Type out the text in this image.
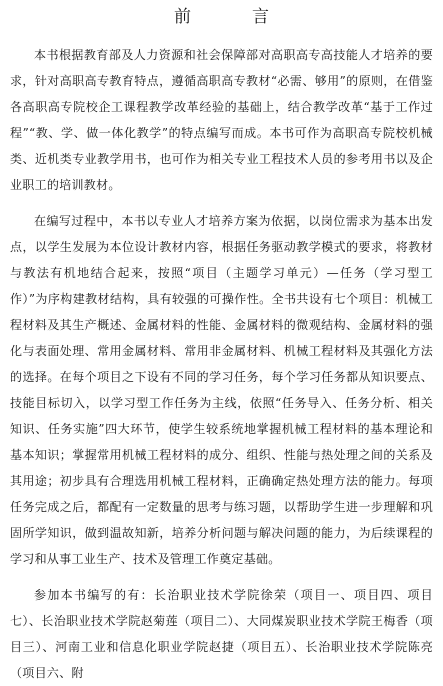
前　言

本书根据教育部及人力资源和社会保障部对高职高专高技能人才培养的要求，针对高职高专教育特点，遵循高职高专教材“必需、够用”的原则，在借鉴各高职高专院校企工课程教学改革经验的基础上，结合教学改革“基于工作过程”“教、学、做一体化教学”的特点编写而成。本书可作为高职高专院校机械类、近机类专业教学用书，也可作为相关专业工程技术人员的参考用书以及企业职工的培训教材。

在编写过程中，本书以专业人才培养方案为依据，以岗位需求为基本出发点，以学生发展为本位设计教材内容，根据任务驱动教学模式的要求，将教材与教法有机地结合起来，按照“项目（主题学习单元）—任务（学习型工作）”为序构建教材结构，具有较强的可操作性。全书共设有七个项目：机械工程材料及其生产概述、金属材料的性能、金属材料的微观结构、金属材料的强化与表面处理、常用金属材料、常用非金属材料、机械工程材料及其强化方法的选择。在每个项目之下设有不同的学习任务，每个学习任务都从知识要点、技能目标切入，以学习型工作任务为主线，依照“任务导入、任务分析、相关知识、任务实施”四大环节，使学生较系统地掌握机械工程材料的基本理论和基本知识；掌握常用机械工程材料的成分、组织、性能与热处理之间的关系及其用途；初步具有合理选用机械工程材料，正确确定热处理方法的能力。每项任务完成之后，都配有一定数量的思考与练习题，以帮助学生进一步理解和巩固所学知识，做到温故知新，培养分析问题与解决问题的能力，为后续课程的学习和从事工业生产、技术及管理工作奠定基础。

参加本书编写的有：长治职业技术学院徐荣（项目一、项目四、项目七）、长治职业技术学院赵菊莲（项目二）、大同煤炭职业技术学院王梅香（项目三）、河南工业和信息化职业学院赵捷（项目五）、长治职业技术学院陈亮（项目六、附
